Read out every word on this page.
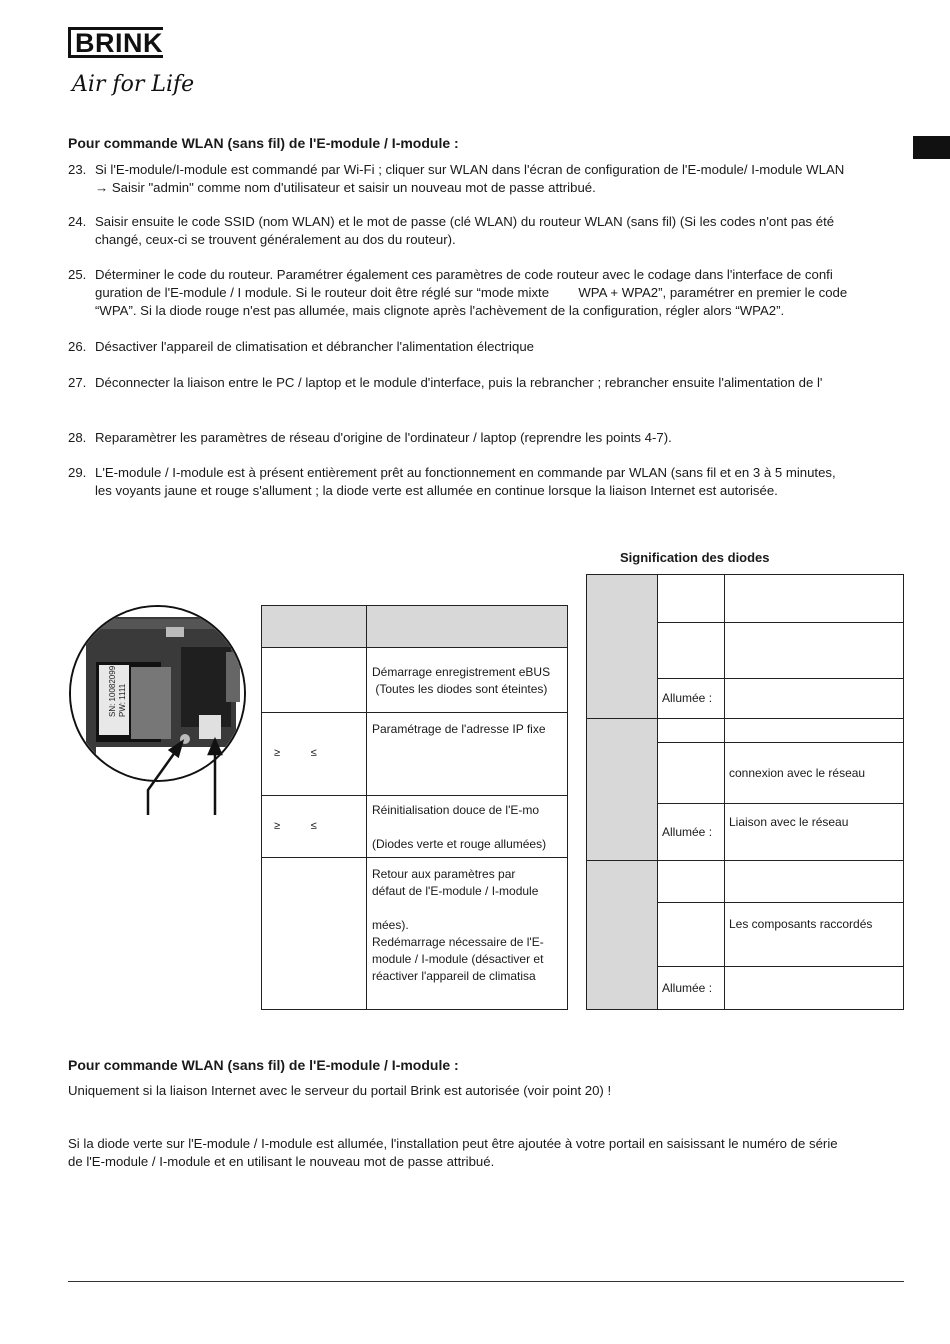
BRINK
Air for Life
Pour commande WLAN (sans fil) de l'E-module / I-module :
23. Si l'E-module/I-module est commandé par Wi-Fi ; cliquer sur WLAN dans l'écran de configuration de l'E-module/ I-module WLAN
→ Saisir "admin" comme nom d'utilisateur et saisir un nouveau mot de passe attribué.
24. Saisir ensuite le code SSID (nom WLAN) et le mot de passe (clé WLAN) du routeur WLAN (sans fil) (Si les codes n'ont pas été
changé, ceux-ci se trouvent généralement au dos du routeur).
25. Déterminer le code du routeur. Paramétrer également ces paramètres de code routeur avec le codage dans l'interface de confi
guration de l'E-module / I module. Si le routeur doit être réglé sur “mode mixte        WPA + WPA2”, paramétrer en premier le code
“WPA”. Si la diode rouge n'est pas allumée, mais clignote après l'achèvement de la configuration, régler alors “WPA2”.
26. Désactiver l'appareil de climatisation et débrancher l'alimentation électrique
27. Déconnecter la liaison entre le PC / laptop et le module d'interface, puis la rebrancher ; rebrancher ensuite l'alimentation de l'
28. Reparamètrer les paramètres de réseau d'origine de l'ordinateur / laptop (reprendre les points 4-7).
29. L'E-module / I-module est à présent entièrement prêt au fonctionnement en commande par WLAN (sans fil et en 3 à 5 minutes,
les voyants jaune et rouge s'allument ; la diode verte est allumée en continue lorsque la liaison Internet est autorisée.
Signification des diodes
SN: 10082099 PW: 1111
Démarrage enregistrement eBUS
(Toutes les diodes sont éteintes)
≥          ≤
Paramétrage de l'adresse IP fixe
≥          ≤
Réinitialisation douce de l'E-mo
(Diodes verte et rouge allumées)
Retour aux paramètres par
défaut de l'E-module / I-module
mées).
Redémarrage nécessaire de l'E-
module / I-module (désactiver et
réactiver l'appareil de climatisa
Allumée :
connexion avec le réseau
Allumée :
Liaison avec le réseau
Les composants raccordés
Allumée :
Pour commande WLAN (sans fil) de l'E-module / I-module :
Uniquement si la liaison Internet avec le serveur du portail Brink est autorisée (voir point 20) !
Si la diode verte sur l'E-module / I-module est allumée, l'installation peut être ajoutée à votre portail en saisissant le numéro de série
de l'E-module / I-module et en utilisant le nouveau mot de passe attribué.
